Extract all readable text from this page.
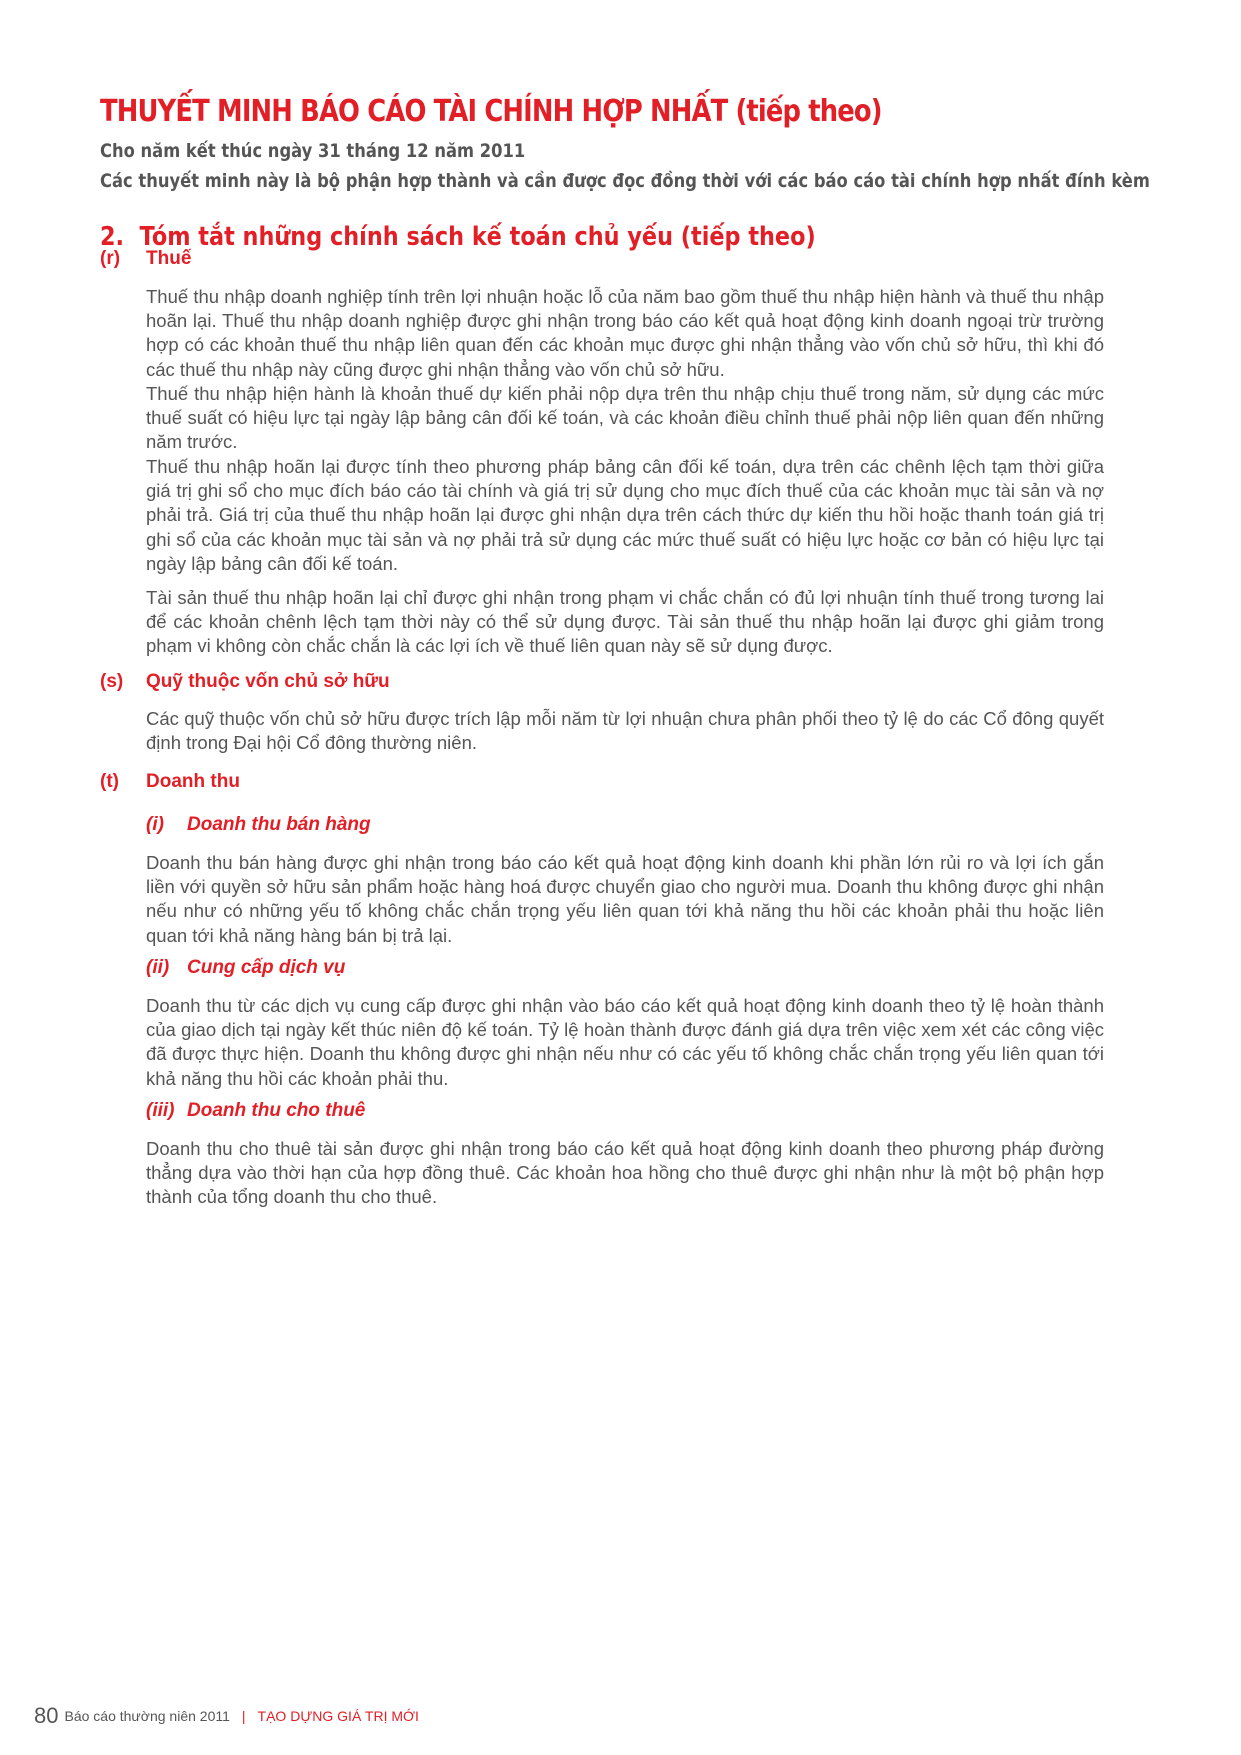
THUYẾT MINH BÁO CÁO TÀI CHÍNH HỢP NHẤT (tiếp theo)

Cho năm kết thúc ngày 31 tháng 12 năm 2011

Các thuyết minh này là bộ phận hợp thành và cần được đọc đồng thời với các báo cáo tài chính hợp nhất đính kèm

2. Tóm tắt những chính sách kế toán chủ yếu (tiếp theo)
(r) Thuế

Thuế thu nhập doanh nghiệp tính trên lợi nhuận hoặc lỗ của năm bao gồm thuế thu nhập hiện hành và thuế thu nhập hoãn lại. Thuế thu nhập doanh nghiệp được ghi nhận trong báo cáo kết quả hoạt động kinh doanh ngoại trừ trường hợp có các khoản thuế thu nhập liên quan đến các khoản mục được ghi nhận thẳng vào vốn chủ sở hữu, thì khi đó các thuế thu nhập này cũng được ghi nhận thẳng vào vốn chủ sở hữu.

Thuế thu nhập hiện hành là khoản thuế dự kiến phải nộp dựa trên thu nhập chịu thuế trong năm, sử dụng các mức thuế suất có hiệu lực tại ngày lập bảng cân đối kế toán, và các khoản điều chỉnh thuế phải nộp liên quan đến những năm trước.

Thuế thu nhập hoãn lại được tính theo phương pháp bảng cân đối kế toán, dựa trên các chênh lệch tạm thời giữa giá trị ghi sổ cho mục đích báo cáo tài chính và giá trị sử dụng cho mục đích thuế của các khoản mục tài sản và nợ phải trả. Giá trị của thuế thu nhập hoãn lại được ghi nhận dựa trên cách thức dự kiến thu hồi hoặc thanh toán giá trị ghi sổ của các khoản mục tài sản và nợ phải trả sử dụng các mức thuế suất có hiệu lực hoặc cơ bản có hiệu lực tại ngày lập bảng cân đối kế toán.

Tài sản thuế thu nhập hoãn lại chỉ được ghi nhận trong phạm vi chắc chắn có đủ lợi nhuận tính thuế trong tương lai để các khoản chênh lệch tạm thời này có thể sử dụng được. Tài sản thuế thu nhập hoãn lại được ghi giảm trong phạm vi không còn chắc chắn là các lợi ích về thuế liên quan này sẽ sử dụng được.

(s) Quỹ thuộc vốn chủ sở hữu

Các quỹ thuộc vốn chủ sở hữu được trích lập mỗi năm từ lợi nhuận chưa phân phối theo tỷ lệ do các Cổ đông quyết định trong Đại hội Cổ đông thường niên.

(t) Doanh thu
(i) Doanh thu bán hàng

Doanh thu bán hàng được ghi nhận trong báo cáo kết quả hoạt động kinh doanh khi phần lớn rủi ro và lợi ích gắn liền với quyền sở hữu sản phẩm hoặc hàng hoá được chuyển giao cho người mua. Doanh thu không được ghi nhận nếu như có những yếu tố không chắc chắn trọng yếu liên quan tới khả năng thu hồi các khoản phải thu hoặc liên quan tới khả năng hàng bán bị trả lại.

(ii) Cung cấp dịch vụ

Doanh thu từ các dịch vụ cung cấp được ghi nhận vào báo cáo kết quả hoạt động kinh doanh theo tỷ lệ hoàn thành của giao dịch tại ngày kết thúc niên độ kế toán. Tỷ lệ hoàn thành được đánh giá dựa trên việc xem xét các công việc đã được thực hiện. Doanh thu không được ghi nhận nếu như có các yếu tố không chắc chắn trọng yếu liên quan tới khả năng thu hồi các khoản phải thu.

(iii) Doanh thu cho thuê

Doanh thu cho thuê tài sản được ghi nhận trong báo cáo kết quả hoạt động kinh doanh theo phương pháp đường thẳng dựa vào thời hạn của hợp đồng thuê. Các khoản hoa hồng cho thuê được ghi nhận như là một bộ phận hợp thành của tổng doanh thu cho thuê.

80 Báo cáo thường niên 2011 | TẠO DỰNG GIÁ TRỊ MỚI
